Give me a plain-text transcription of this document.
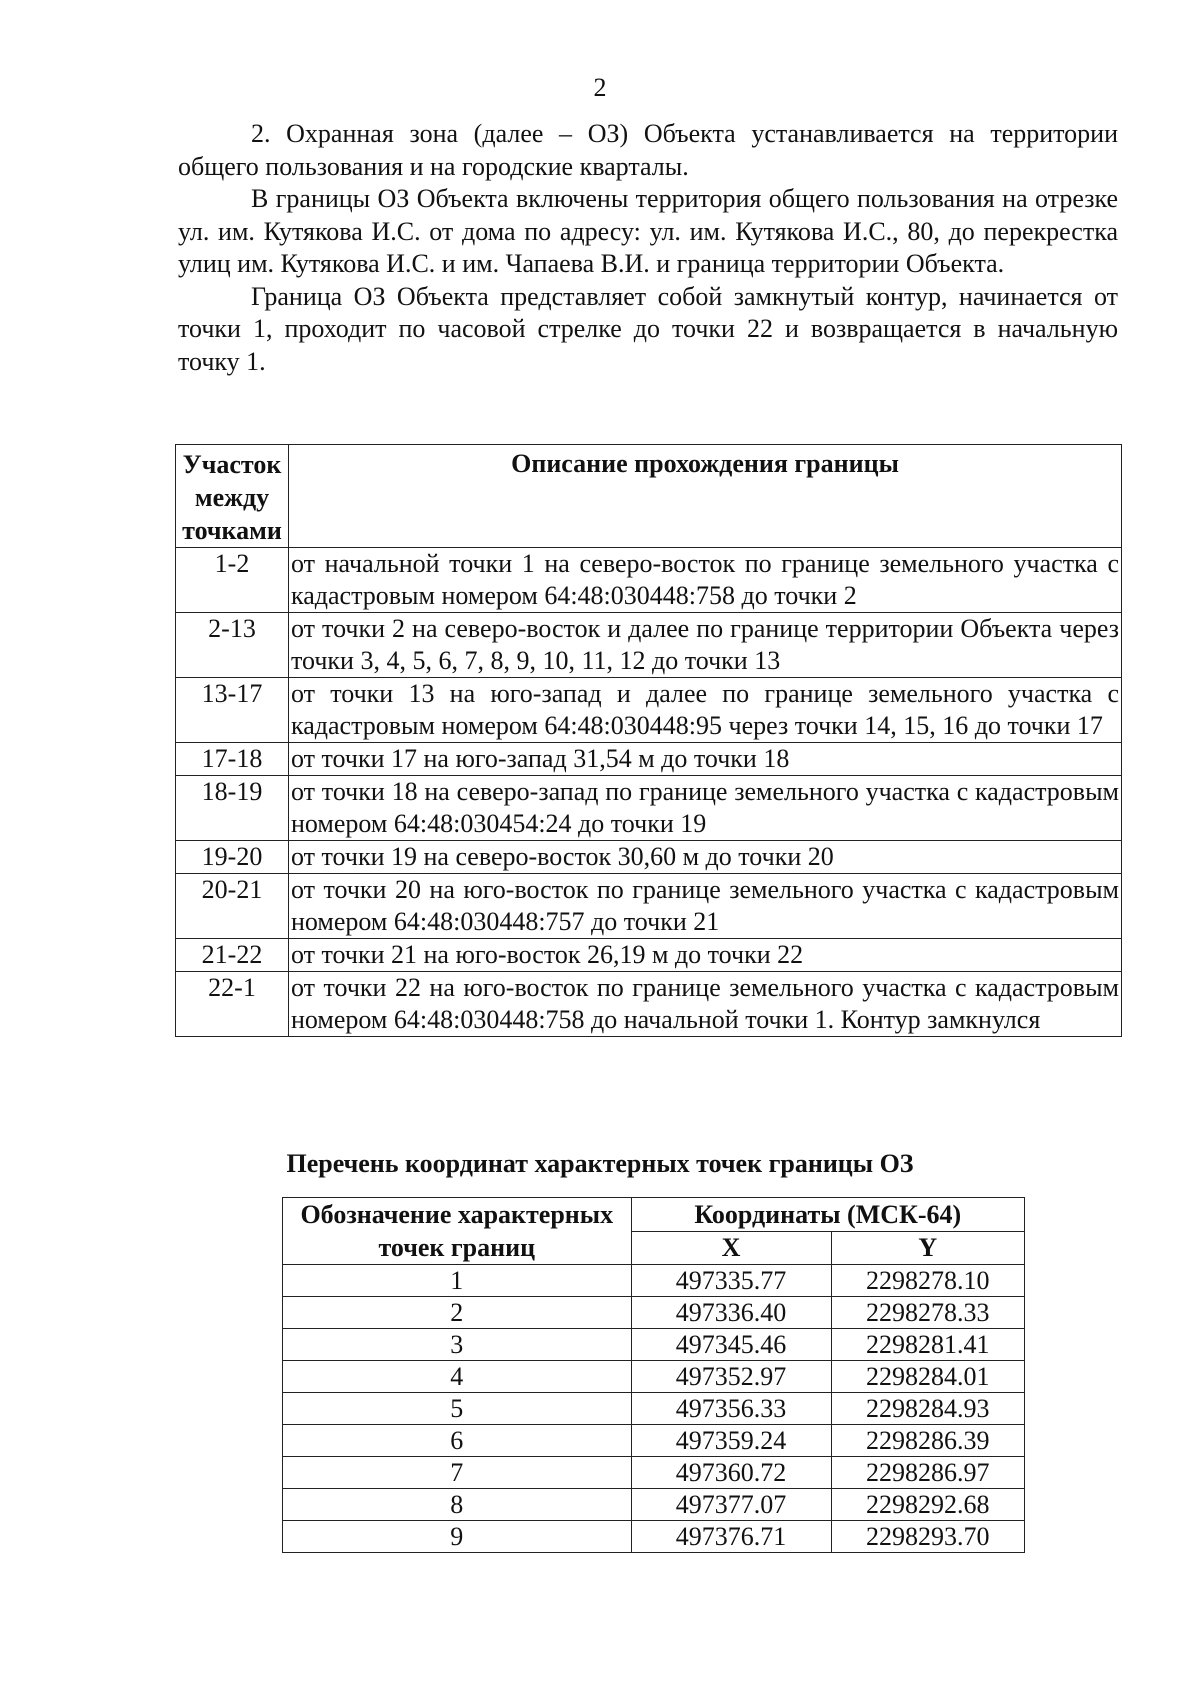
2

2. Охранная зона (далее – ОЗ) Объекта устанавливается на территории общего пользования и на городские кварталы.

В границы ОЗ Объекта включены территория общего пользования на отрезке ул. им. Кутякова И.С. от дома по адресу: ул. им. Кутякова И.С., 80, до перекрестка улиц им. Кутякова И.С. и им. Чапаева В.И. и граница территории Объекта.

Граница ОЗ Объекта представляет собой замкнутый контур, начинается от точки 1, проходит по часовой стрелке до точки 22 и возвращается в начальную точку 1.

Участок между точками	Описание прохождения границы
1-2	от начальной точки 1 на северо-восток по границе земельного участка с кадастровым номером 64:48:030448:758 до точки 2
2-13	от точки 2 на северо-восток и далее по границе территории Объекта через точки 3, 4, 5, 6, 7, 8, 9, 10, 11, 12 до точки 13
13-17	от точки 13 на юго-запад и далее по границе земельного участка с кадастровым номером 64:48:030448:95 через точки 14, 15, 16 до точки 17
17-18	от точки 17 на юго-запад 31,54 м до точки 18
18-19	от точки 18 на северо-запад по границе земельного участка с кадастровым номером 64:48:030454:24 до точки 19
19-20	от точки 19 на северо-восток 30,60 м до точки 20
20-21	от точки 20 на юго-восток по границе земельного участка с кадастровым номером 64:48:030448:757 до точки 21
21-22	от точки 21 на юго-восток 26,19 м до точки 22
22-1	от точки 22 на юго-восток по границе земельного участка с кадастровым номером 64:48:030448:758 до начальной точки 1. Контур замкнулся
Перечень координат характерных точек границы ОЗ
Обозначение характерных точек границ	Координаты (МСК-64)	
	X	Y
1	497335.77	2298278.10
2	497336.40	2298278.33
3	497345.46	2298281.41
4	497352.97	2298284.01
5	497356.33	2298284.93
6	497359.24	2298286.39
7	497360.72	2298286.97
8	497377.07	2298292.68
9	497376.71	2298293.70
